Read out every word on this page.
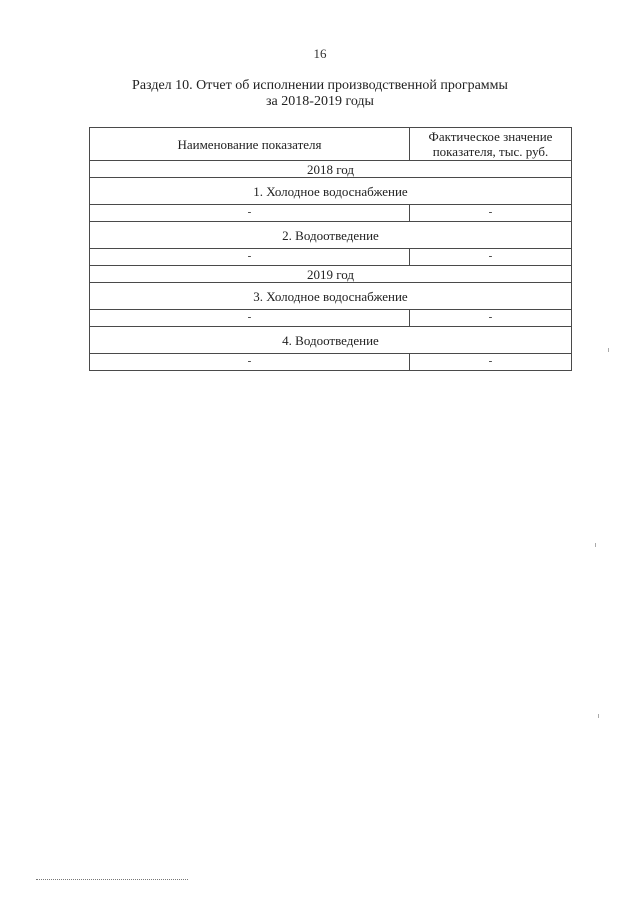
16
Раздел 10. Отчет об исполнении производственной программы
за 2018-2019 годы
Наименование показателя	Фактическое значение показателя, тыс. руб.
2018 год	
1. Холодное водоснабжение	
-	-
2. Водоотведение	
-	-
2019 год	
3. Холодное водоснабжение	
-	-
4. Водоотведение	
-	-
